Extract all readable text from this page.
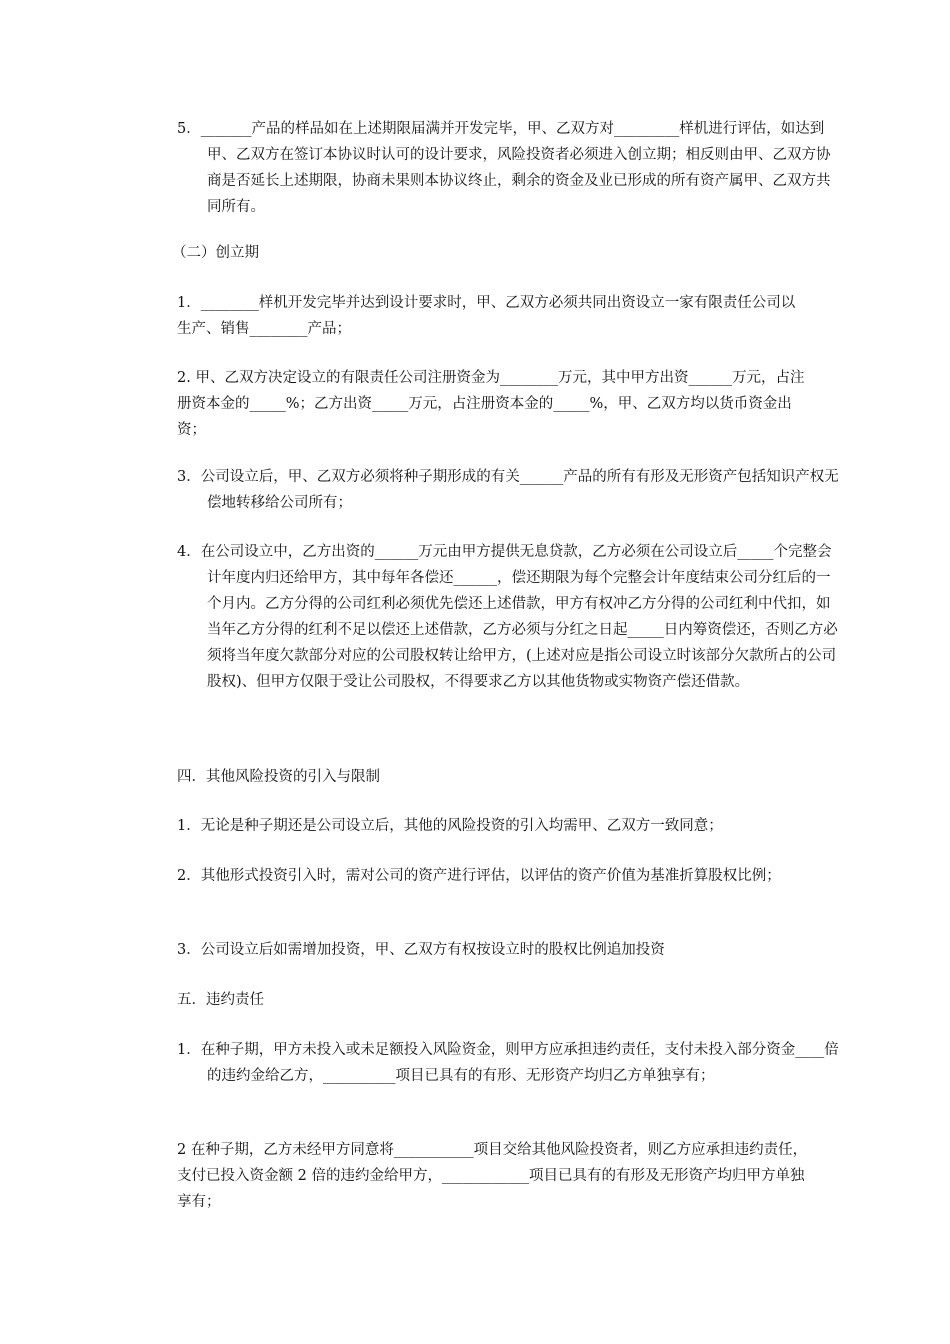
5．_______产品的样品如在上述期限届满并开发完毕，甲、乙双方对_________样机进行评估，如达到甲、乙双方在签订本协议时认可的设计要求，风险投资者必须进入创立期；相反则由甲、乙双方协商是否延长上述期限，协商未果则本协议终止，剩余的资金及业已形成的所有资产属甲、乙双方共同所有。
（二）创立期
1．________样机开发完毕并达到设计要求时，甲、乙双方必须共同出资设立一家有限责任公司以生产、销售________产品；
2. 甲、乙双方决定设立的有限责任公司注册资金为________万元，其中甲方出资______万元，占注册资本金的_____%；乙方出资_____万元，占注册资本金的_____%，甲、乙双方均以货币资金出资；
3．公司设立后，甲、乙双方必须将种子期形成的有关______产品的所有有形及无形资产包括知识产权无偿地转移给公司所有；
4．在公司设立中，乙方出资的______万元由甲方提供无息贷款，乙方必须在公司设立后_____个完整会计年度内归还给甲方，其中每年各偿还______，偿还期限为每个完整会计年度结束公司分红后的一个月内。乙方分得的公司红利必须优先偿还上述借款，甲方有权冲乙方分得的公司红利中代扣，如当年乙方分得的红利不足以偿还上述借款，乙方必须与分红之日起_____日内筹资偿还，否则乙方必须将当年度欠款部分对应的公司股权转让给甲方，(上述对应是指公司设立时该部分欠款所占的公司股权)、但甲方仅限于受让公司股权，不得要求乙方以其他货物或实物资产偿还借款。
四．其他风险投资的引入与限制
1．无论是种子期还是公司设立后，其他的风险投资的引入均需甲、乙双方一致同意；
2．其他形式投资引入时，需对公司的资产进行评估，以评估的资产价值为基准折算股权比例；
3．公司设立后如需增加投资，甲、乙双方有权按设立时的股权比例追加投资
五．违约责任
1．在种子期，甲方未投入或未足额投入风险资金，则甲方应承担违约责任，支付未投入部分资金____倍的违约金给乙方，__________项目已具有的有形、无形资产均归乙方单独享有；
2 在种子期，乙方未经甲方同意将___________项目交给其他风险投资者，则乙方应承担违约责任，支付已投入资金额 2 倍的违约金给甲方，____________项目已具有的有形及无形资产均归甲方单独享有；
